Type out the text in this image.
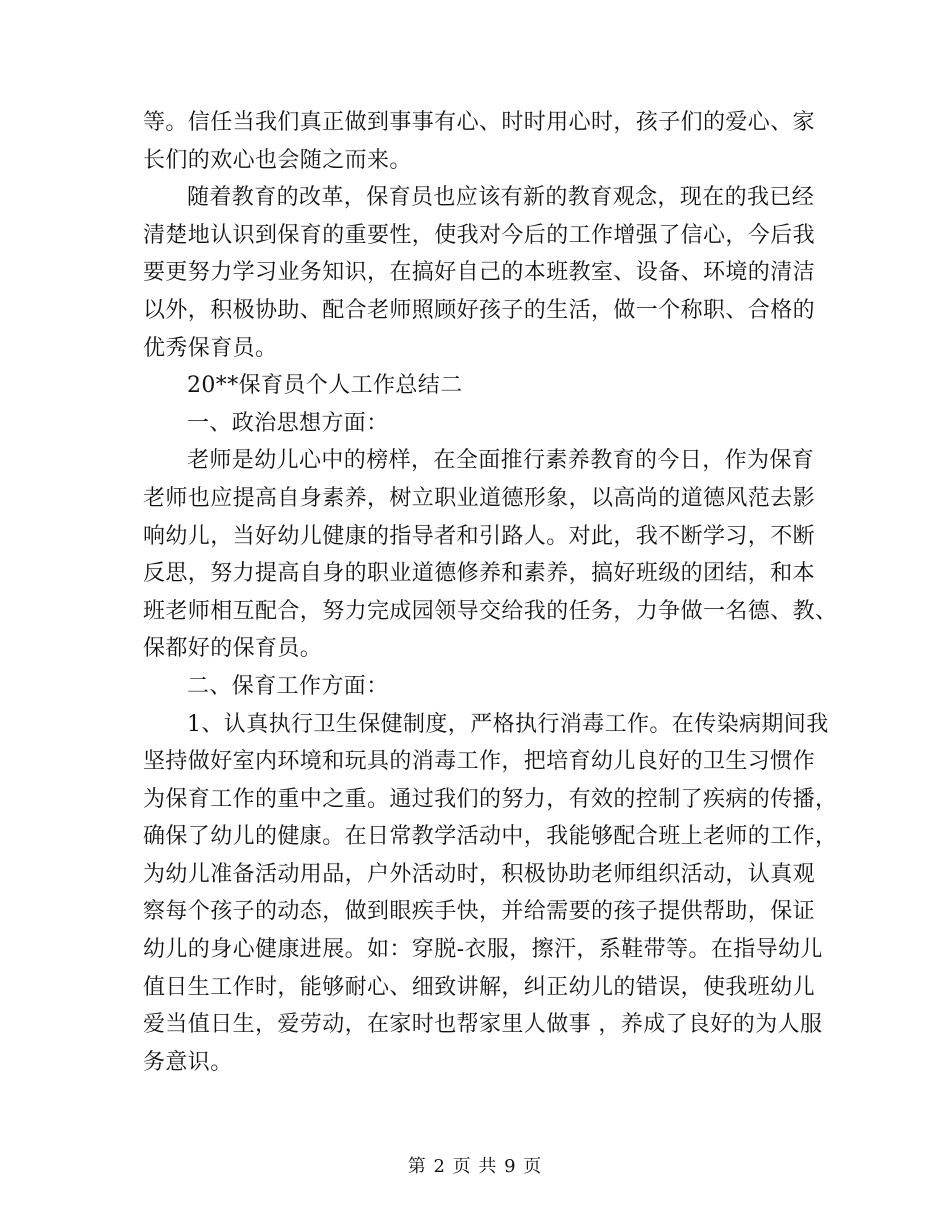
等。信任当我们真正做到事事有心、时时用心时，孩子们的爱心、家
长们的欢心也会随之而来。
随着教育的改革，保育员也应该有新的教育观念，现在的我已经
清楚地认识到保育的重要性，使我对今后的工作增强了信心，今后我
要更努力学习业务知识，在搞好自己的本班教室、设备、环境的清洁
以外，积极协助、配合老师照顾好孩子的生活，做一个称职、合格的
优秀保育员。
20**保育员个人工作总结二
一、政治思想方面：
老师是幼儿心中的榜样，在全面推行素养教育的今日，作为保育
老师也应提高自身素养，树立职业道德形象，以高尚的道德风范去影
响幼儿，当好幼儿健康的指导者和引路人。对此，我不断学习，不断
反思，努力提高自身的职业道德修养和素养，搞好班级的团结，和本
班老师相互配合，努力完成园领导交给我的任务，力争做一名德、教、
保都好的保育员。
二、保育工作方面：
1、认真执行卫生保健制度，严格执行消毒工作。在传染病期间我
坚持做好室内环境和玩具的消毒工作，把培育幼儿良好的卫生习惯作
为保育工作的重中之重。通过我们的努力，有效的控制了疾病的传播，
确保了幼儿的健康。在日常教学活动中，我能够配合班上老师的工作，
为幼儿准备活动用品，户外活动时，积极协助老师组织活动，认真观
察每个孩子的动态，做到眼疾手快，并给需要的孩子提供帮助，保证
幼儿的身心健康进展。如：穿脱-衣服，擦汗，系鞋带等。在指导幼儿
值日生工作时，能够耐心、细致讲解，纠正幼儿的错误，使我班幼儿
爱当值日生，爱劳动，在家时也帮家里人做事 ，养成了良好的为人服
务意识。
第 2 页 共 9 页
